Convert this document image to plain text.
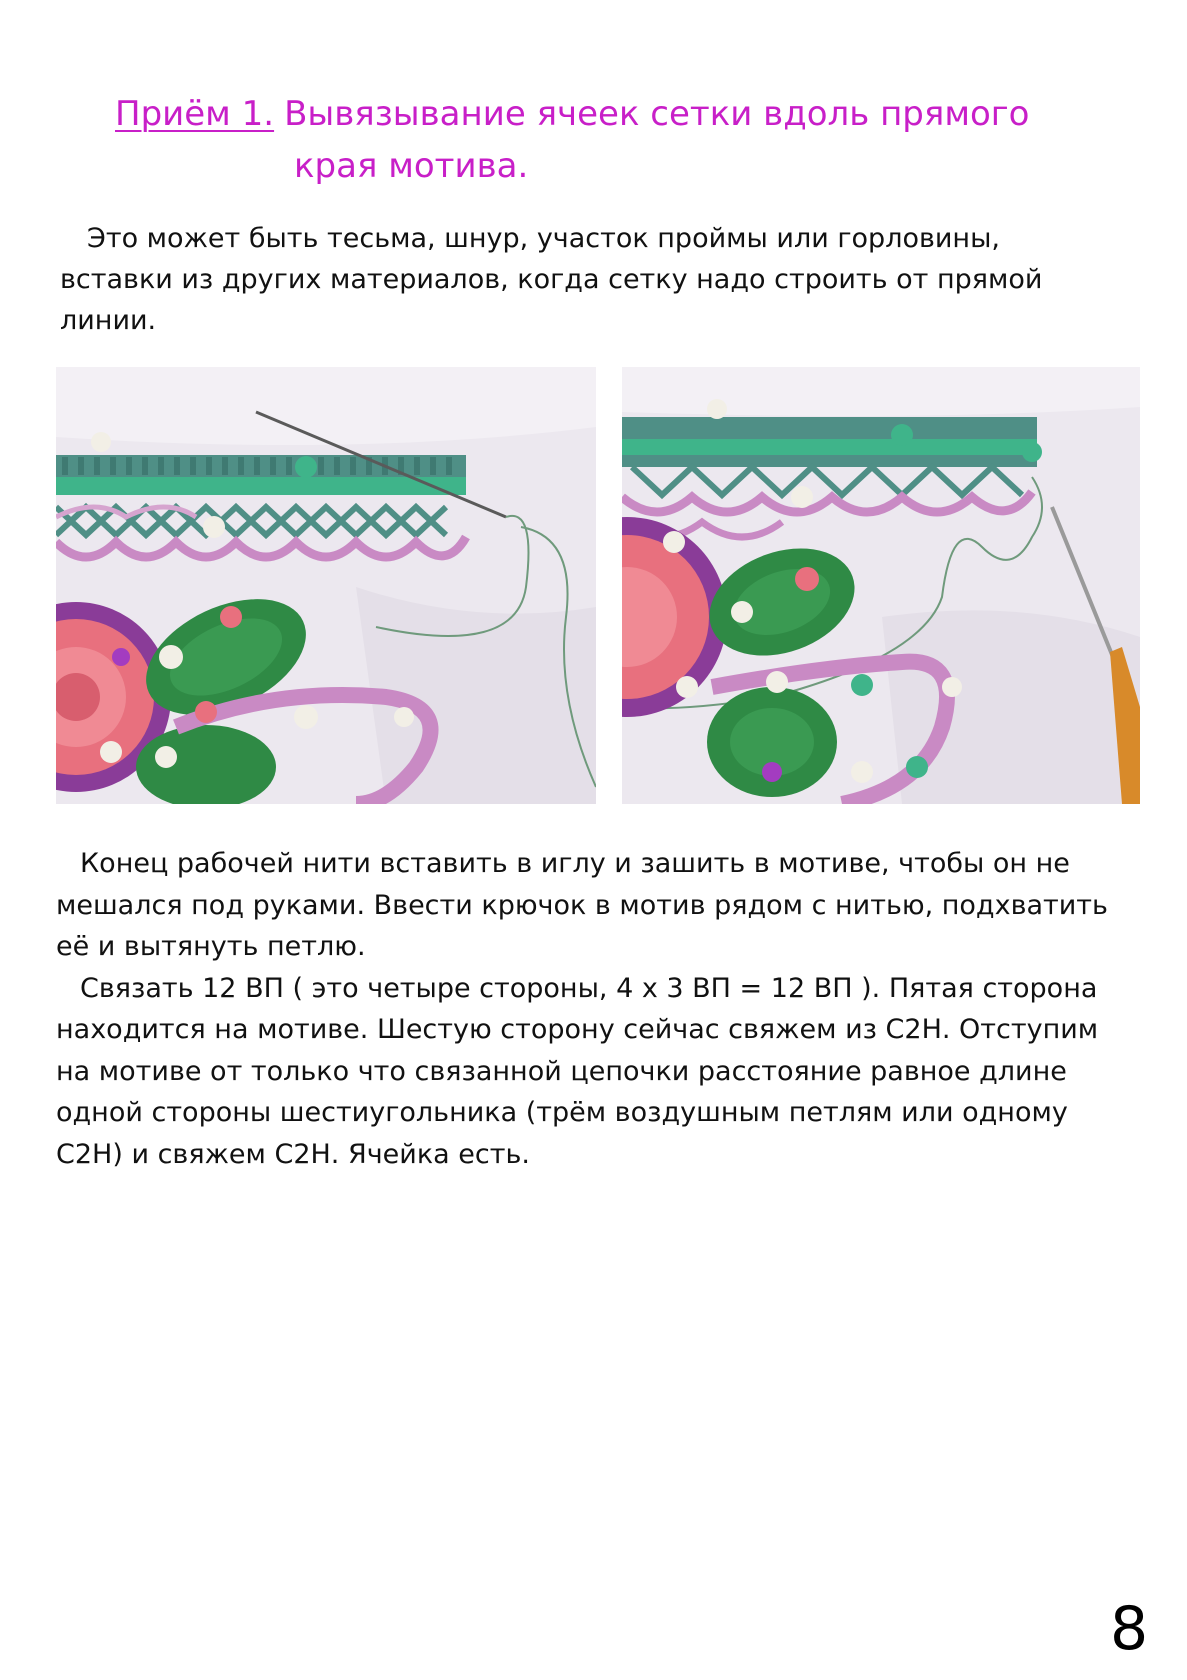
Приём 1. Вывязывание ячеек сетки вдоль прямого
края мотива.

Это может быть тесьма, шнур, участок проймы или горловины, вставки из других материалов, когда сетку надо строить от прямой линии.

Конец рабочей нити вставить в иглу и зашить в мотиве, чтобы он не мешался под руками. Ввести крючок в мотив рядом с нитью, подхватить её и вытянуть петлю.

Связать 12 ВП ( это четыре стороны, 4 х 3 ВП = 12 ВП ). Пятая сторона находится на мотиве. Шестую сторону сейчас свяжем из С2Н. Отступим на мотиве от только что связанной цепочки расстояние равное длине одной стороны шестиугольника (трём воздушным петлям или одному С2Н) и свяжем С2Н. Ячейка есть.

8
